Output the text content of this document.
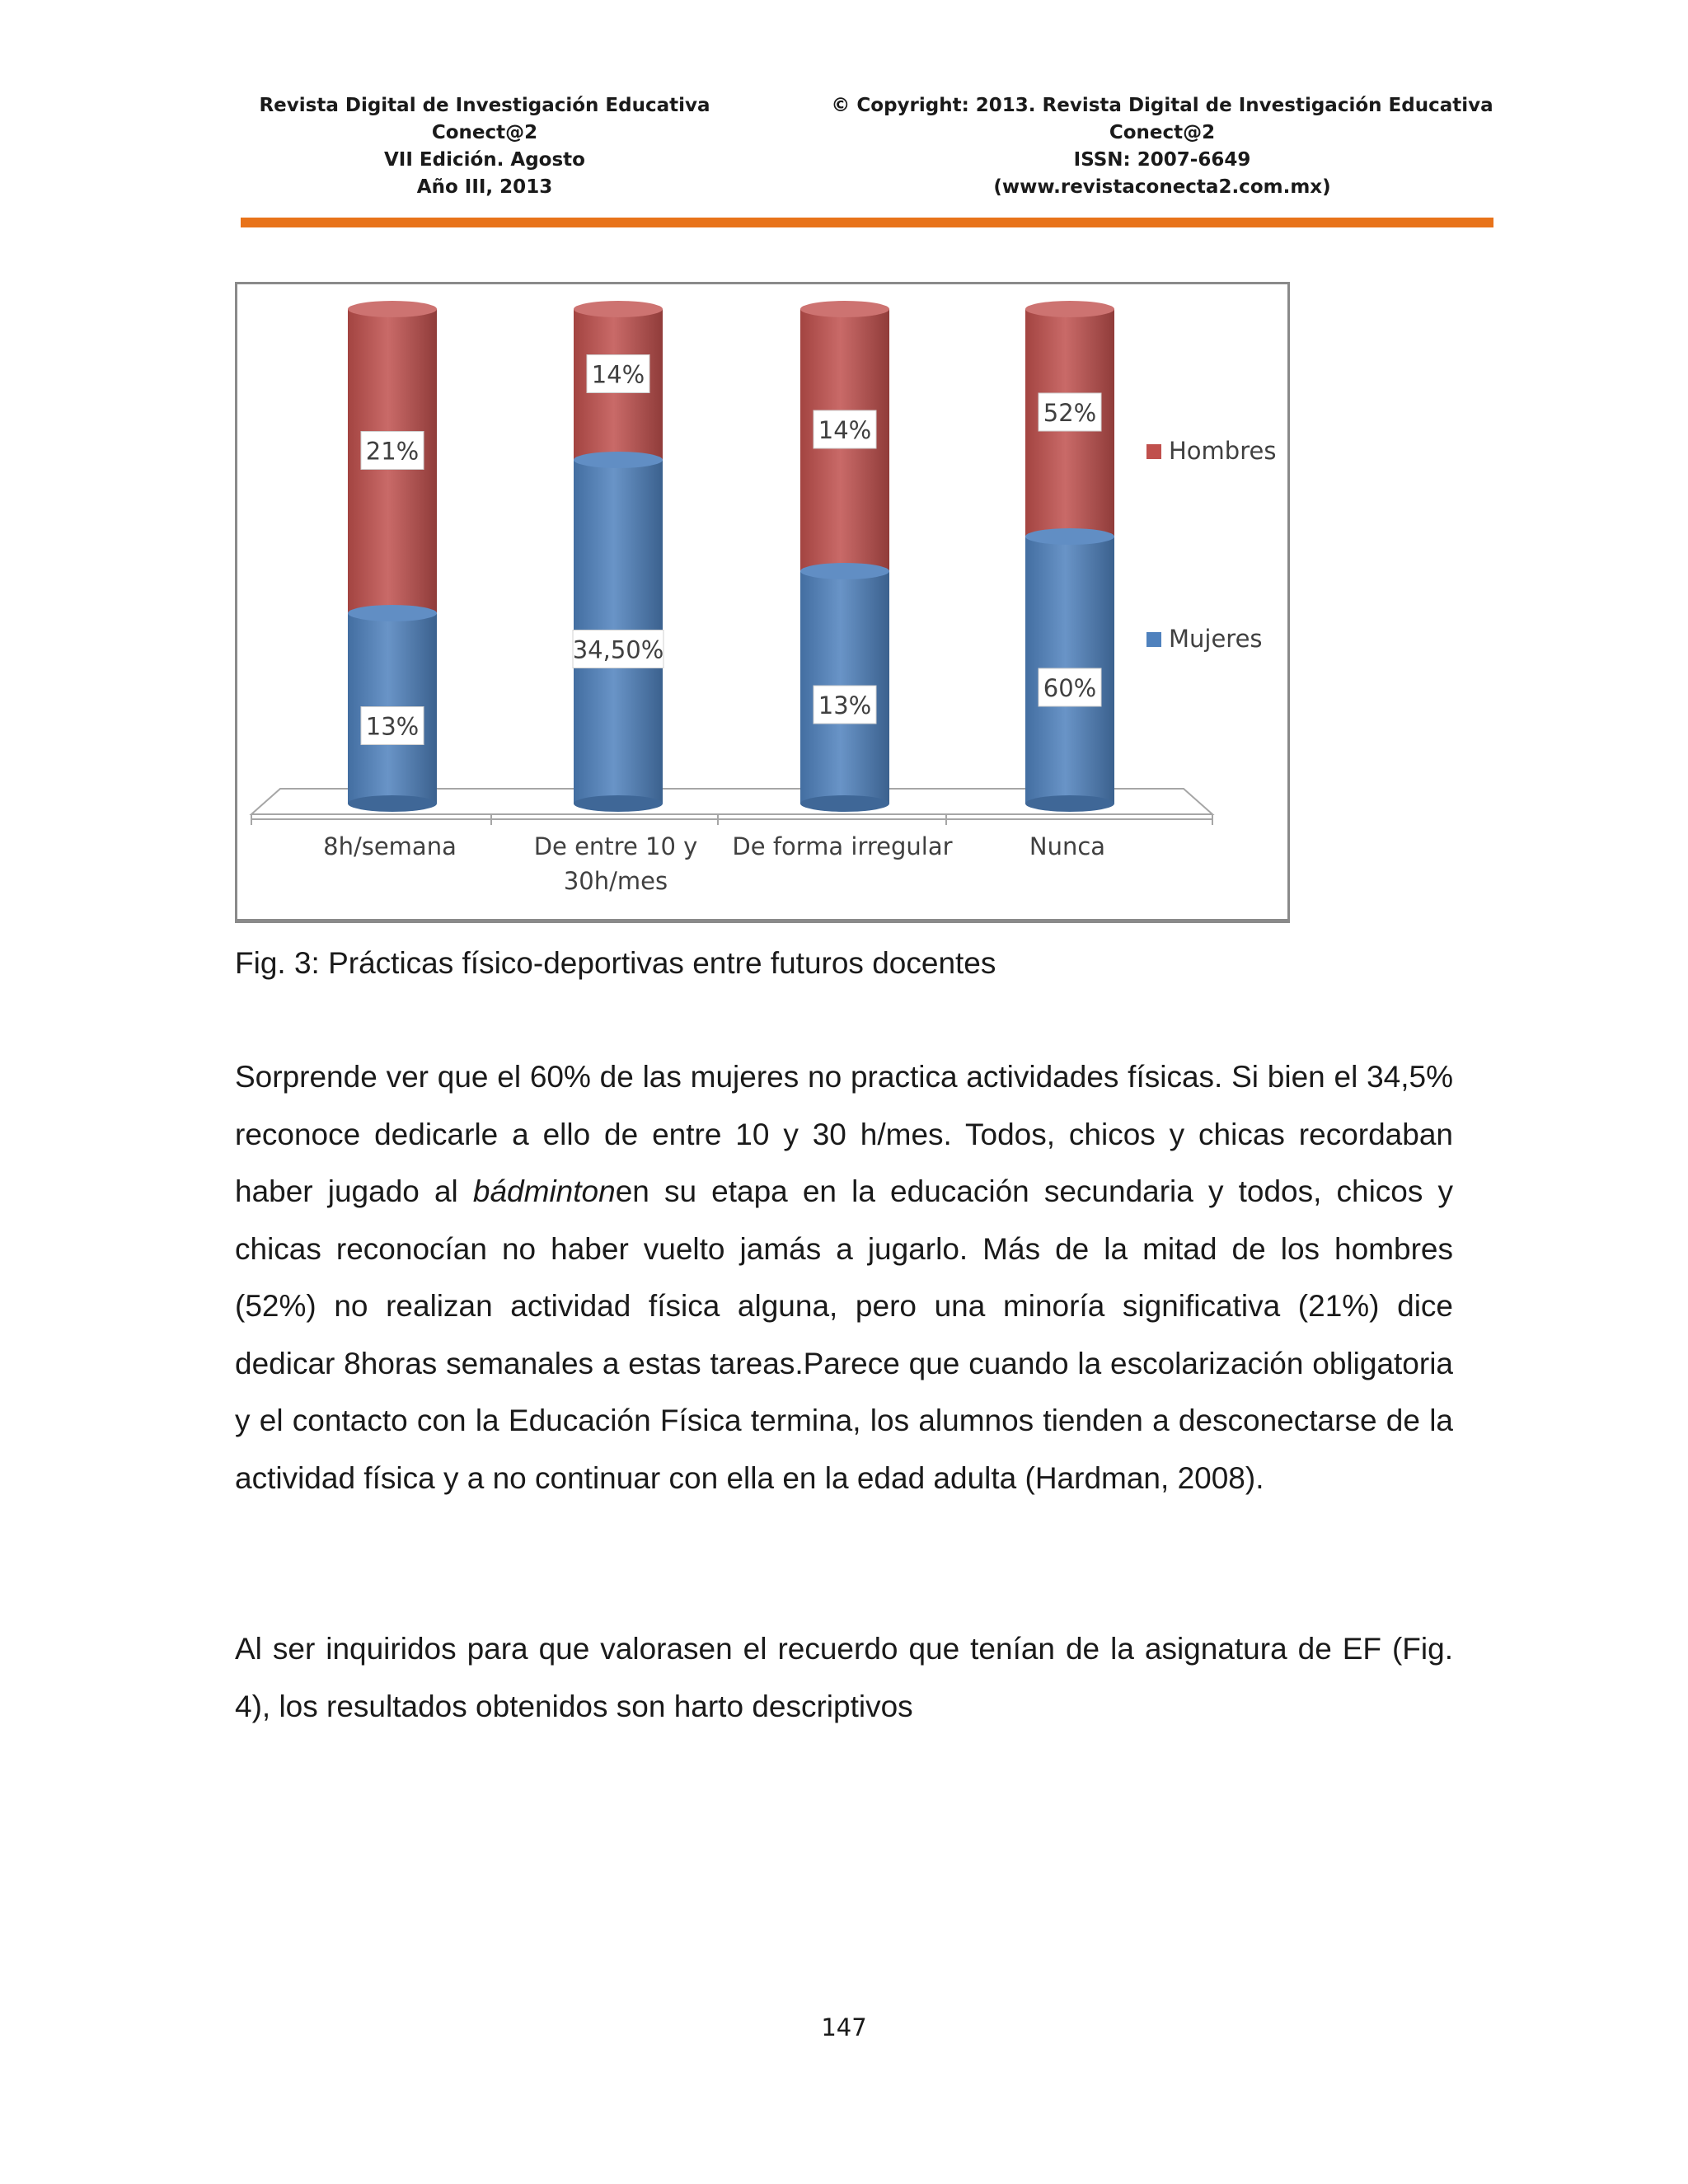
Revista Digital de Investigación Educativa
Conect@2
VII Edición. Agosto
Año III, 2013
© Copyright: 2013. Revista Digital de Investigación Educativa
Conect@2
ISSN: 2007-6649
(www.revistaconecta2.com.mx)
21%
13%
14%
34,50%
14%
13%
52%
60%
8h/semana	De entre 10 y
30h/mes
De forma irregular	Nunca
Hombres
Mujeres
Fig. 3: Prácticas físico-deportivas entre futuros docentes

Sorprende ver que el 60% de las mujeres no practica actividades físicas. Si bien el 34,5% reconoce dedicarle a ello de entre 10 y 30 h/mes. Todos, chicos y chicas recordaban haber jugado al bádmintonen su etapa en la educación secundaria y todos, chicos y chicas reconocían no haber vuelto jamás a jugarlo. Más de la mitad de los hombres (52%) no realizan actividad física alguna, pero una minoría significativa (21%) dice dedicar 8horas semanales a estas tareas.Parece que cuando la escolarización obligatoria y el contacto con la Educación Física termina, los alumnos tienden a desconectarse de la actividad física y a no continuar con ella en la edad adulta (Hardman, 2008).

Al ser inquiridos para que valorasen el recuerdo que tenían de la asignatura de EF (Fig. 4), los resultados obtenidos son harto descriptivos

147
